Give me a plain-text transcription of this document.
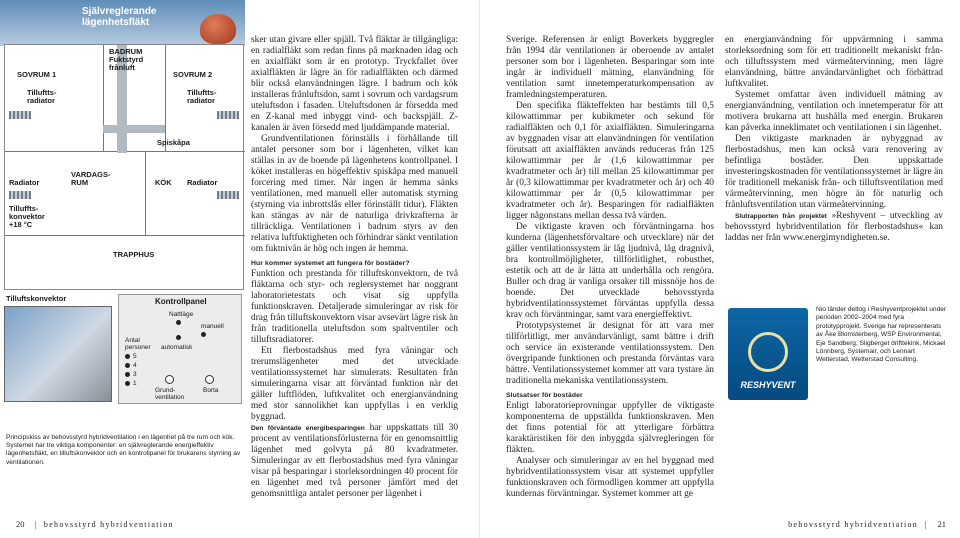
Självreglerande
lägenhetsfläkt
SOVRUM 1
BADRUM
Fuktstyrd
frånluft
SOVRUM 2
Tilluftts-
radiator
Tilluftts-
radiator
Spiskåpa
Radiator
VARDAGS-
RUM	KÖK Radiator
Tilluffts-
konvektor
+18 °C
TRAPPHUS
Tilluftskonvektor	Kontrollpanel
Nattläge
manuell
automatisk
Antal
personer
5
4
3
1
Grund-
ventilation
Borta
Principskiss av behovsstyrd hybridventilation i en lägenhet på tre rum och kök. Systemet har tre viktiga komponenter: en självreglerande energieffektiv lägenhetsfläkt, en tilluftskonvektor och en kontrollpanel för brukarens styrning av ventilationen.

sker utan givare eller spjäll. Två fläktar är tillgängliga: en radialfläkt som redan finns på marknaden idag och en axialfläkt som är en prototyp. Tryckfallet över axialfläkten är lägre än för radialfläkten och därmed blir också elanvändningen lägre. I badrum och kök installeras frånluftsdon, samt i sovrum och vardagsrum uteluftsdon i fasaden. Uteluftsdonen är försedda med en Z-kanal med inbyggt vind- och backspjäll. Z-kanalen är även försedd med ljuddämpande material.

Grundventilationen förinställs i förhållande till antalet personer som bor i lägenheten, vilket kan ställas in av de boende på lägenhetens kontrollpanel. I köket installeras en högeffektiv spiskåpa med manuell forcering med timer. När ingen är hemma sänks ventilationen, med manuell eller automatisk styrning (styrning via inbrottslås eller förinställt tidur). Fläkten kan stängas av när de naturliga drivkrafterna är tillräckliga. Ventilationen i badrum styrs av den relativa luftfuktigheten och förhindrar sänkt ventilation om fuktnivån är hög och ingen är hemma.

Hur kommer systemet att fungera för bostäder?

Funktion och prestanda för tilluftskonvektorn, de två fläktarna och styr- och reglersystemet har noggrant laboratorietestats och visat sig uppfylla funktionskraven. Detaljerade simuleringar av risk för drag från tilluftskonvektorn visar avsevärt lägre risk än från traditionella uteluftsdon som spaltventiler och tilluftsradiatorer.

Ett flerbostadshus med fyra våningar och trerumslägenheter med det utvecklade ventilationssystemet har simulerats. Resultaten från simuleringarna visar att förväntad funktion när det gäller luftflöden, luftkvalitet och energianvändning med stor sannolikhet kan uppfyllas i en verklig byggnad.

Den förväntade energibesparingen har uppskattats till 30 procent av ventilationsförlusterna för en genomsnittlig lägenhet med golvyta på 80 kvadratmeter. Simuleringar av ett flerbostadshus med fyra våningar visar på besparingar i storleksordningen 40 procent för en lägenhet med två personer jämfört med det genomsnittliga antalet personer per lägenhet i

Sverige. Referensen är enligt Boverkets byggregler från 1994 där ventilationen är oberoende av antalet personer som bor i lägenheten. Besparingar som inte ingår är individuell mätning, elanvändning för ventilation samt innetemperaturkompensation av framledningstemperaturen.

Den specifika fläkteffekten har bestämts till 0,5 kilowattimmar per kubikmeter och sekund för radialfläkten och 0,1 för axialfläkten. Simuleringarna av byggnaden visar att elanvändningen för ventilation förutsatt att axialfläkten används reduceras från 125 kilowattimmar per år (1,6 kilowattimmar per kvadratmeter och år) till mellan 25 kilowattimmar per år (0,3 kilowattimmar per kvadratmeter och år) och 40 kilowattimmar per år (0,5 kilowattimmar per kvadratmeter och år). Besparingen för radialfläkten ligger någonstans mellan dessa två värden.

De viktigaste kraven och förväntningarna hos kunderna (lägenhetsförvaltare och utvecklare) när det gäller ventilationssystem är låg ljudnivå, låg dragnivå, bra kontrollmöjligheter, tillförlitlighet, robusthet, estetik och att de är lätta att underhålla och rengöra. Buller och drag är vanliga orsaker till missnöje hos de boende. Det utvecklade behovsstyrda hybridventilationssystemet förväntas uppfylla dessa krav och förväntningar, samt vara energieffektivt.

Prototypsystemet är designat för att vara mer tillförlitligt, mer användarvänligt, samt bättre i drift och service än existerande ventilationssystem. Den övergripande funktionen och prestanda förväntas vara bättre. Ventilationssystemet kommer att vara tystare än traditionella mekaniska ventilationssystem.

Slutsatser för bostäder

Enligt laboratorieprovningar uppfyller de viktigaste komponenterna de uppställda funktionskraven. Men det finns potential för att ytterligare förbättra karaktäristiken för den inbyggda självregleringen för fläkten.

Analyser och simuleringar av en hel byggnad med hybridventilationssystem visar att systemet uppfyller funktionskraven och förmodligen kommer att uppfylla kundernas förväntningar. Systemet kommer att ge

en energianvändning för uppvärmning i samma storleksordning som för ett traditionellt mekaniskt från- och tilluftssystem med värmeåtervinning, men lägre elanvändning, bättre användarvänlighet och förbättrad luftkvalitet.

Systemet omfattar även individuell mätning av energianvändning, ventilation och innetemperatur för att motivera brukarna att hushålla med energin. Brukaren kan påverka inneklimatet och ventilationen i sin lägenhet.

Den viktigaste marknaden är nybyggnad av flerbostadshus, men kan också vara renovering av befintliga bostäder. Den uppskattade investeringskostnaden för ventilationssystemet är lägre än för traditionell mekanisk från- och tilluftsventilation med värmeåtervinning, men högre än för naturlig och frånluftsventilation utan värmeåtervinning.

Slutrapporten från projektet »Reshyvent – utveckling av behovsstyrd hybridventilation för flerbostadshus« kan laddas ner från www.energimyndigheten.se.

RESHYVENT
Nio länder deltog i Reshyventprojektet under perioden 2002–2004 med fyra prototypprojekt. Sverige har representerats av Åke Blomsterberg, WSP Environmental, Eje Sandberg, Sligberget drifttekink, Mickael Lönnberg, Systemair, och Lennart Wetterstad, Wetterstad Consulting.
20   |  behovsstyrd hybridventiation	behovsstyrd hybridventiation  |   21
